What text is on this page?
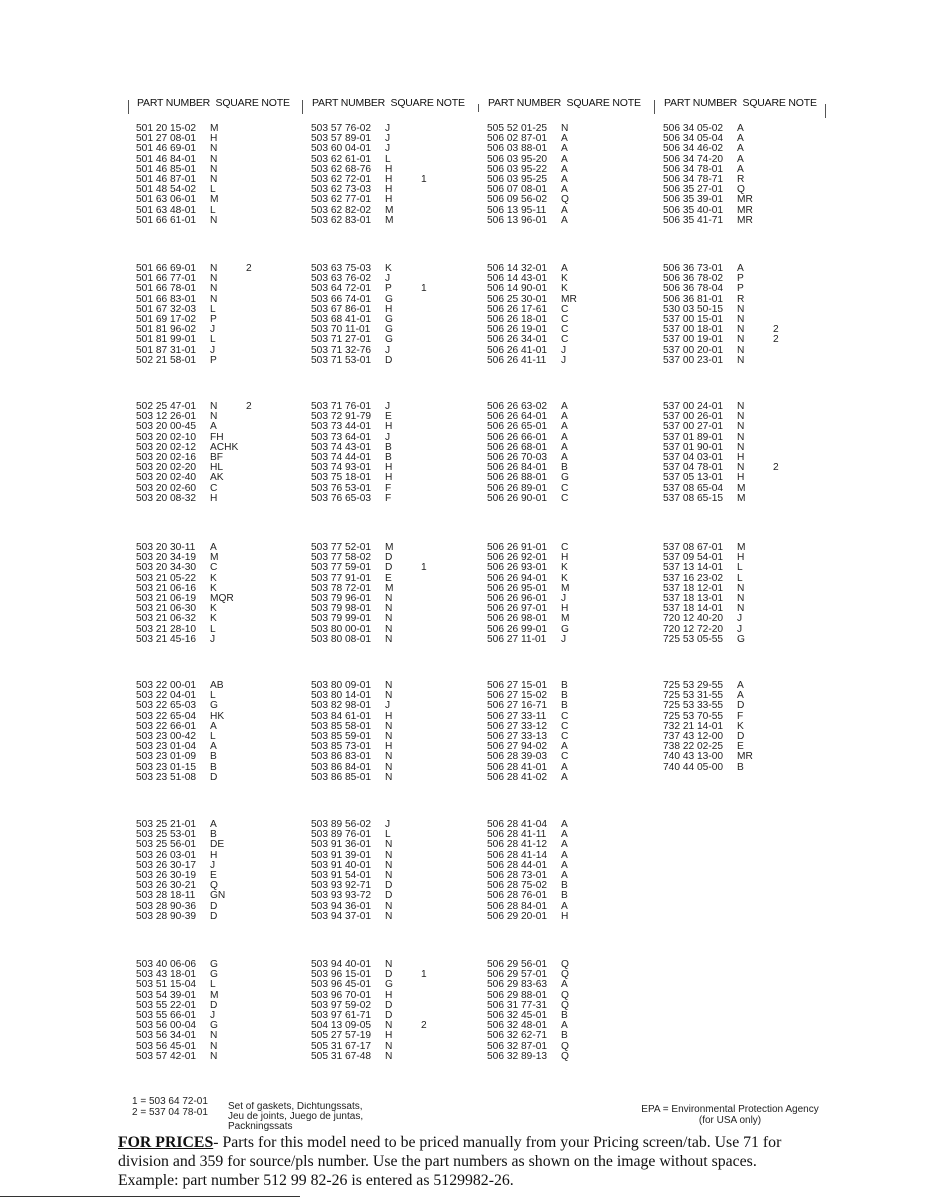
PART NUMBER SQUARE NOTE PART NUMBER SQUARE NOTE PART NUMBER SQUARE NOTE PART NUMBER SQUARE NOTE
501 20 15-02	M
501 27 08-01	H
501 46 69-01	N
501 46 84-01	N
501 46 85-01	N
501 46 87-01	N
501 48 54-02	L
501 63 06-01	M
501 63 48-01	L
501 66 61-01	N
501 66 69-01	N	2
501 66 77-01	N
501 66 78-01	N
501 66 83-01	N
501 67 32-03	L
501 69 17-02	P
501 81 96-02	J
501 81 99-01	L
501 87 31-01	J
502 21 58-01	P
502 25 47-01	N	2
503 12 26-01	N
503 20 00-45	A
503 20 02-10	FH
503 20 02-12	ACHK
503 20 02-16	BF
503 20 02-20	HL
503 20 02-40	AK
503 20 02-60	C
503 20 08-32	H
503 20 30-11	A
503 20 34-19	M
503 20 34-30	C
503 21 05-22	K
503 21 06-16	K
503 21 06-19	MQR
503 21 06-30	K
503 21 06-32	K
503 21 28-10	L
503 21 45-16	J
503 22 00-01	AB
503 22 04-01	L
503 22 65-03	G
503 22 65-04	HK
503 22 66-01	A
503 23 00-42	L
503 23 01-04	A
503 23 01-09	B
503 23 01-15	B
503 23 51-08	D
503 25 21-01	A
503 25 53-01	B
503 25 56-01	DE
503 26 03-01	H
503 26 30-17	J
503 26 30-19	E
503 26 30-21	Q
503 28 18-11	GN
503 28 90-36	D
503 28 90-39	D
503 40 06-06	G
503 43 18-01	G
503 51 15-04	L
503 54 39-01	M
503 55 22-01	D
503 55 66-01	J
503 56 00-04	G
503 56 34-01	N
503 56 45-01	N
503 57 42-01	N
503 57 76-02	J
503 57 89-01	J
503 60 04-01	J
503 62 61-01	L
503 62 68-76	H
503 62 72-01	H	1
503 62 73-03	H
503 62 77-01	H
503 62 82-02	M
503 62 83-01	M
503 63 75-03	K
503 63 76-02	J
503 64 72-01	P	1
503 66 74-01	G
503 67 86-01	H
503 68 41-01	G
503 70 11-01	G
503 71 27-01	G
503 71 32-76	J
503 71 53-01	D
503 71 76-01	J
503 72 91-79	E
503 73 44-01	H
503 73 64-01	J
503 74 43-01	B
503 74 44-01	B
503 74 93-01	H
503 75 18-01	H
503 76 53-01	F
503 76 65-03	F
503 77 52-01	M
503 77 58-02	D
503 77 59-01	D	1
503 77 91-01	E
503 78 72-01	M
503 79 96-01	N
503 79 98-01	N
503 79 99-01	N
503 80 00-01	N
503 80 08-01	N
503 80 09-01	N
503 80 14-01	N
503 82 98-01	J
503 84 61-01	H
503 85 58-01	N
503 85 59-01	N
503 85 73-01	H
503 86 83-01	N
503 86 84-01	N
503 86 85-01	N
503 89 56-02	J
503 89 76-01	L
503 91 36-01	N
503 91 39-01	N
503 91 40-01	N
503 91 54-01	N
503 93 92-71	D
503 93 93-72	D
503 94 36-01	N
503 94 37-01	N
503 94 40-01	N
503 96 15-01	D	1
503 96 45-01	G
503 96 70-01	H
503 97 59-02	D
503 97 61-71	D
504 13 09-05	N	2
505 27 57-19	H
505 31 67-17	N
505 31 67-48	N
505 52 01-25	N
506 02 87-01	A
506 03 88-01	A
506 03 95-20	A
506 03 95-22	A
506 03 95-25	A
506 07 08-01	A
506 09 56-02	Q
506 13 95-11	A
506 13 96-01	A
506 14 32-01	A
506 14 43-01	K
506 14 90-01	K
506 25 30-01	MR
506 26 17-61	C
506 26 18-01	C
506 26 19-01	C
506 26 34-01	C
506 26 41-01	J
506 26 41-11	J
506 26 63-02	A
506 26 64-01	A
506 26 65-01	A
506 26 66-01	A
506 26 68-01	A
506 26 70-03	A
506 26 84-01	B
506 26 88-01	G
506 26 89-01	C
506 26 90-01	C
506 26 91-01	C
506 26 92-01	H
506 26 93-01	K
506 26 94-01	K
506 26 95-01	M
506 26 96-01	J
506 26 97-01	H
506 26 98-01	M
506 26 99-01	G
506 27 11-01	J
506 27 15-01	B
506 27 15-02	B
506 27 16-71	B
506 27 33-11	C
506 27 33-12	C
506 27 33-13	C
506 27 94-02	A
506 28 39-03	C
506 28 41-01	A
506 28 41-02	A
506 28 41-04	A
506 28 41-11	A
506 28 41-12	A
506 28 41-14	A
506 28 44-01	A
506 28 73-01	A
506 28 75-02	B
506 28 76-01	B
506 28 84-01	A
506 29 20-01	H
506 29 56-01	Q
506 29 57-01	Q
506 29 83-63	A
506 29 88-01	Q
506 31 77-31	Q
506 32 45-01	B
506 32 48-01	A
506 32 62-71	B
506 32 87-01	Q
506 32 89-13	Q
506 34 05-02	A
506 34 05-04	A
506 34 46-02	A
506 34 74-20	A
506 34 78-01	A
506 34 78-71	R
506 35 27-01	Q
506 35 39-01	MR
506 35 40-01	MR
506 35 41-71	MR
506 36 73-01	A
506 36 78-02	P
506 36 78-04	P
506 36 81-01	R
530 03 50-15	N
537 00 15-01	N
537 00 18-01	N	2
537 00 19-01	N	2
537 00 20-01	N
537 00 23-01	N
537 00 24-01	N
537 00 26-01	N
537 00 27-01	N
537 01 89-01	N
537 01 90-01	N
537 04 03-01	H
537 04 78-01	N	2
537 05 13-01	H
537 08 65-04	M
537 08 65-15	M
537 08 67-01	M
537 09 54-01	H
537 13 14-01	L
537 16 23-02	L
537 18 12-01	N
537 18 13-01	N
537 18 14-01	N
720 12 40-20	J
720 12 72-20	J
725 53 05-55	G
725 53 29-55	A
725 53 31-55	A
725 53 33-55	D
725 53 70-55	F
732 21 14-01	K
737 43 12-00	D
738 22 02-25	E
740 43 13-00	MR
740 44 05-00	B
1 = 503 64 72-01
2 = 537 04 78-01
Set of gaskets, Dichtungssats,
Jeu de joints, Juego de juntas,
Packningssats
EPA = Environmental Protection Agency
(for USA only)
FOR PRICES- Parts for this model need to be priced manually from your Pricing screen/tab. Use 71 for division and 359 for source/pls number. Use the part numbers as shown on the image without spaces. Example: part number 512 99 82-26 is entered as 5129982-26.
